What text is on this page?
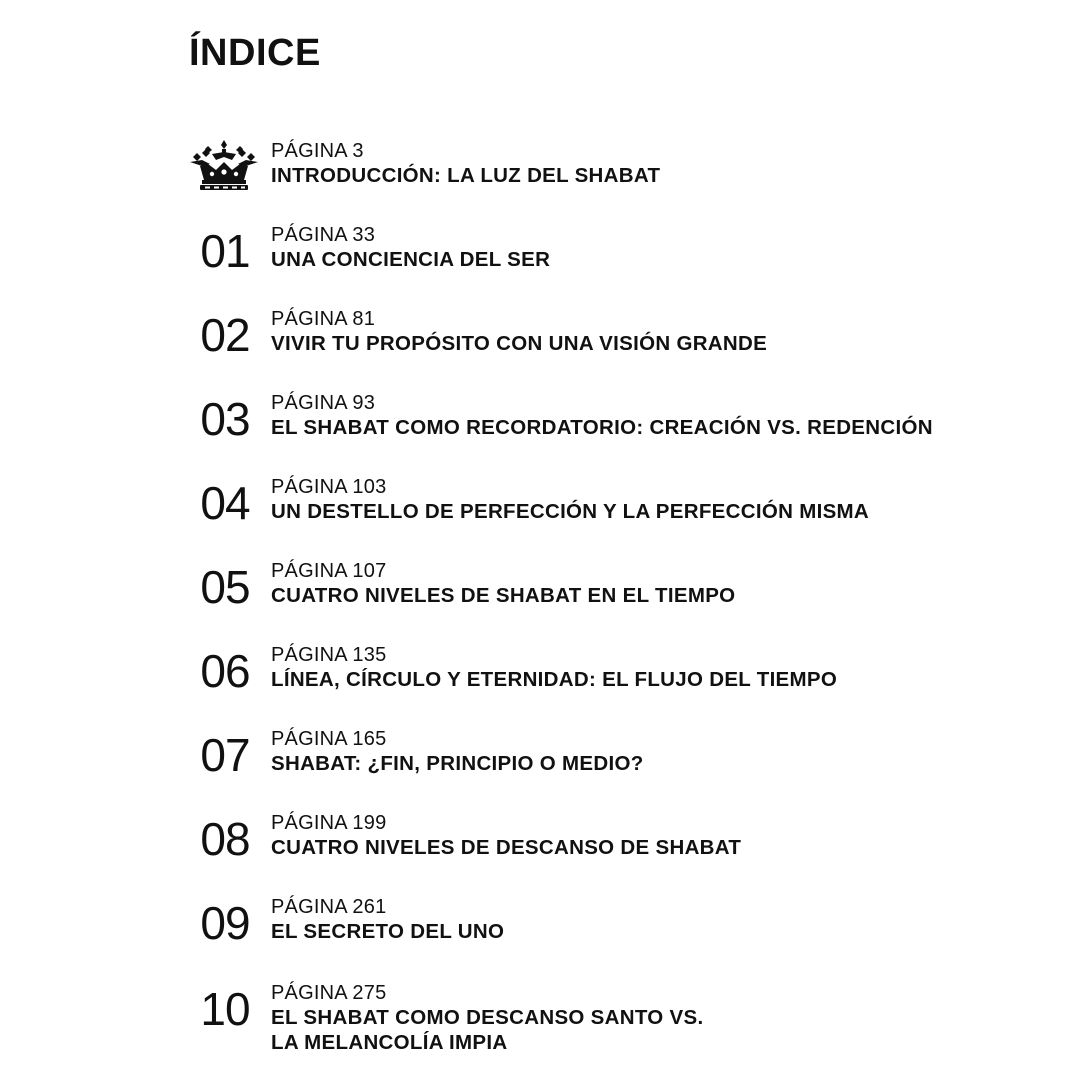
ÍNDICE
PÁGINA 3
INTRODUCCIÓN: LA LUZ DEL SHABAT
01	PÁGINA 33
UNA CONCIENCIA DEL SER
02	PÁGINA 81
VIVIR TU PROPÓSITO CON UNA VISIÓN GRANDE
03	PÁGINA 93
EL SHABAT COMO RECORDATORIO: CREACIÓN VS. REDENCIÓN
04	PÁGINA 103
UN DESTELLO DE PERFECCIÓN Y LA PERFECCIÓN MISMA
05	PÁGINA 107
CUATRO NIVELES DE SHABAT EN EL TIEMPO
06	PÁGINA 135
LÍNEA, CÍRCULO Y ETERNIDAD: EL FLUJO DEL TIEMPO
07	PÁGINA 165
SHABAT: ¿FIN, PRINCIPIO O MEDIO?
08	PÁGINA 199
CUATRO NIVELES DE DESCANSO DE SHABAT
09	PÁGINA 261
EL SECRETO DEL UNO
10	PÁGINA 275
EL SHABAT COMO DESCANSO SANTO VS.
LA MELANCOLÍA IMPIA
